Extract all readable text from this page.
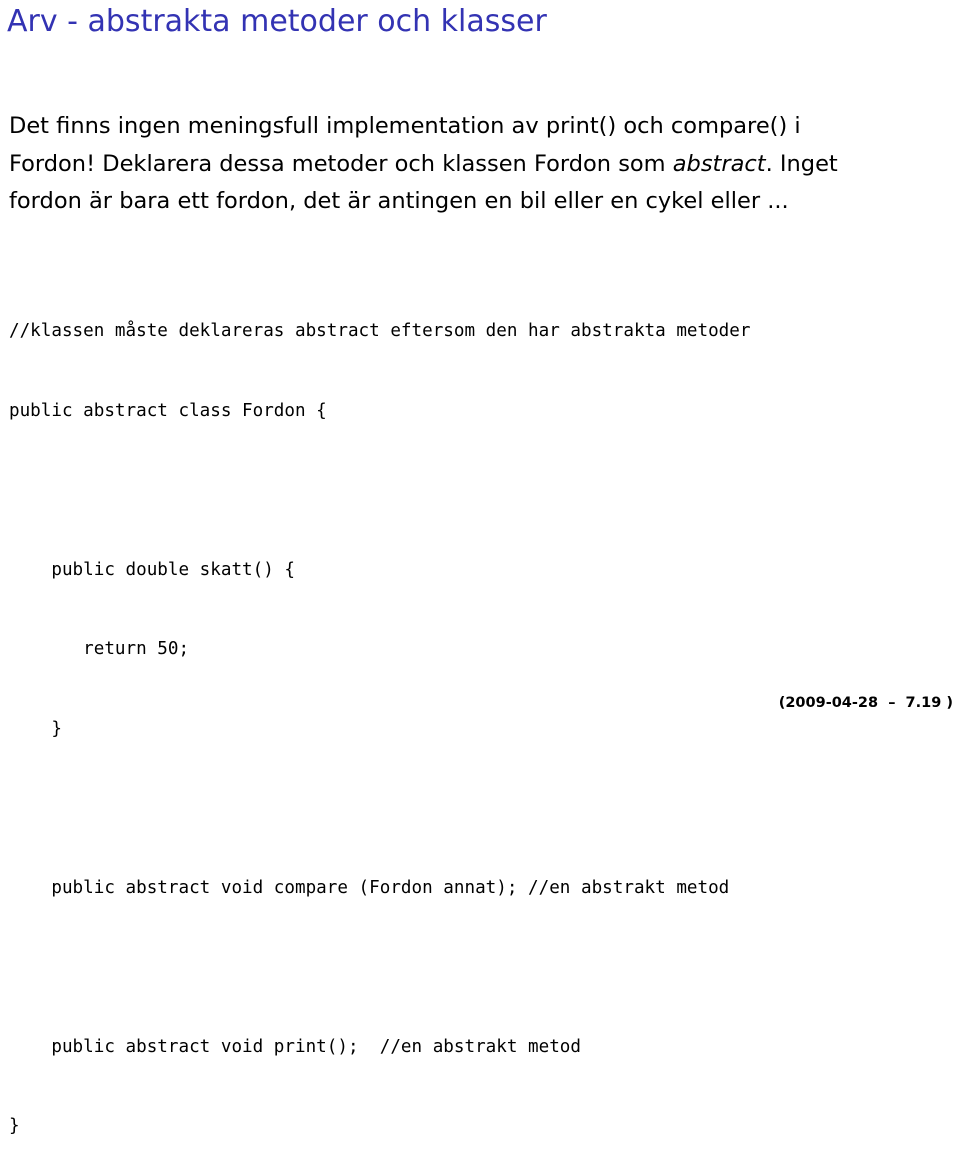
Arv - abstrakta metoder och klasser
Det finns ingen meningsfull implementation av print() och compare() i
Fordon! Deklarera dessa metoder och klassen Fordon som abstract. Inget
fordon är bara ett fordon, det är antingen en bil eller en cykel eller ...

//klassen måste deklareras abstract eftersom den har abstrakta metoder

public abstract class Fordon {

public double skatt() {

return 50;

}

public abstract void compare (Fordon annat); //en abstrakt metod

public abstract void print();  //en abstrakt metod

}

(2009-04-28  –  7.19 )
